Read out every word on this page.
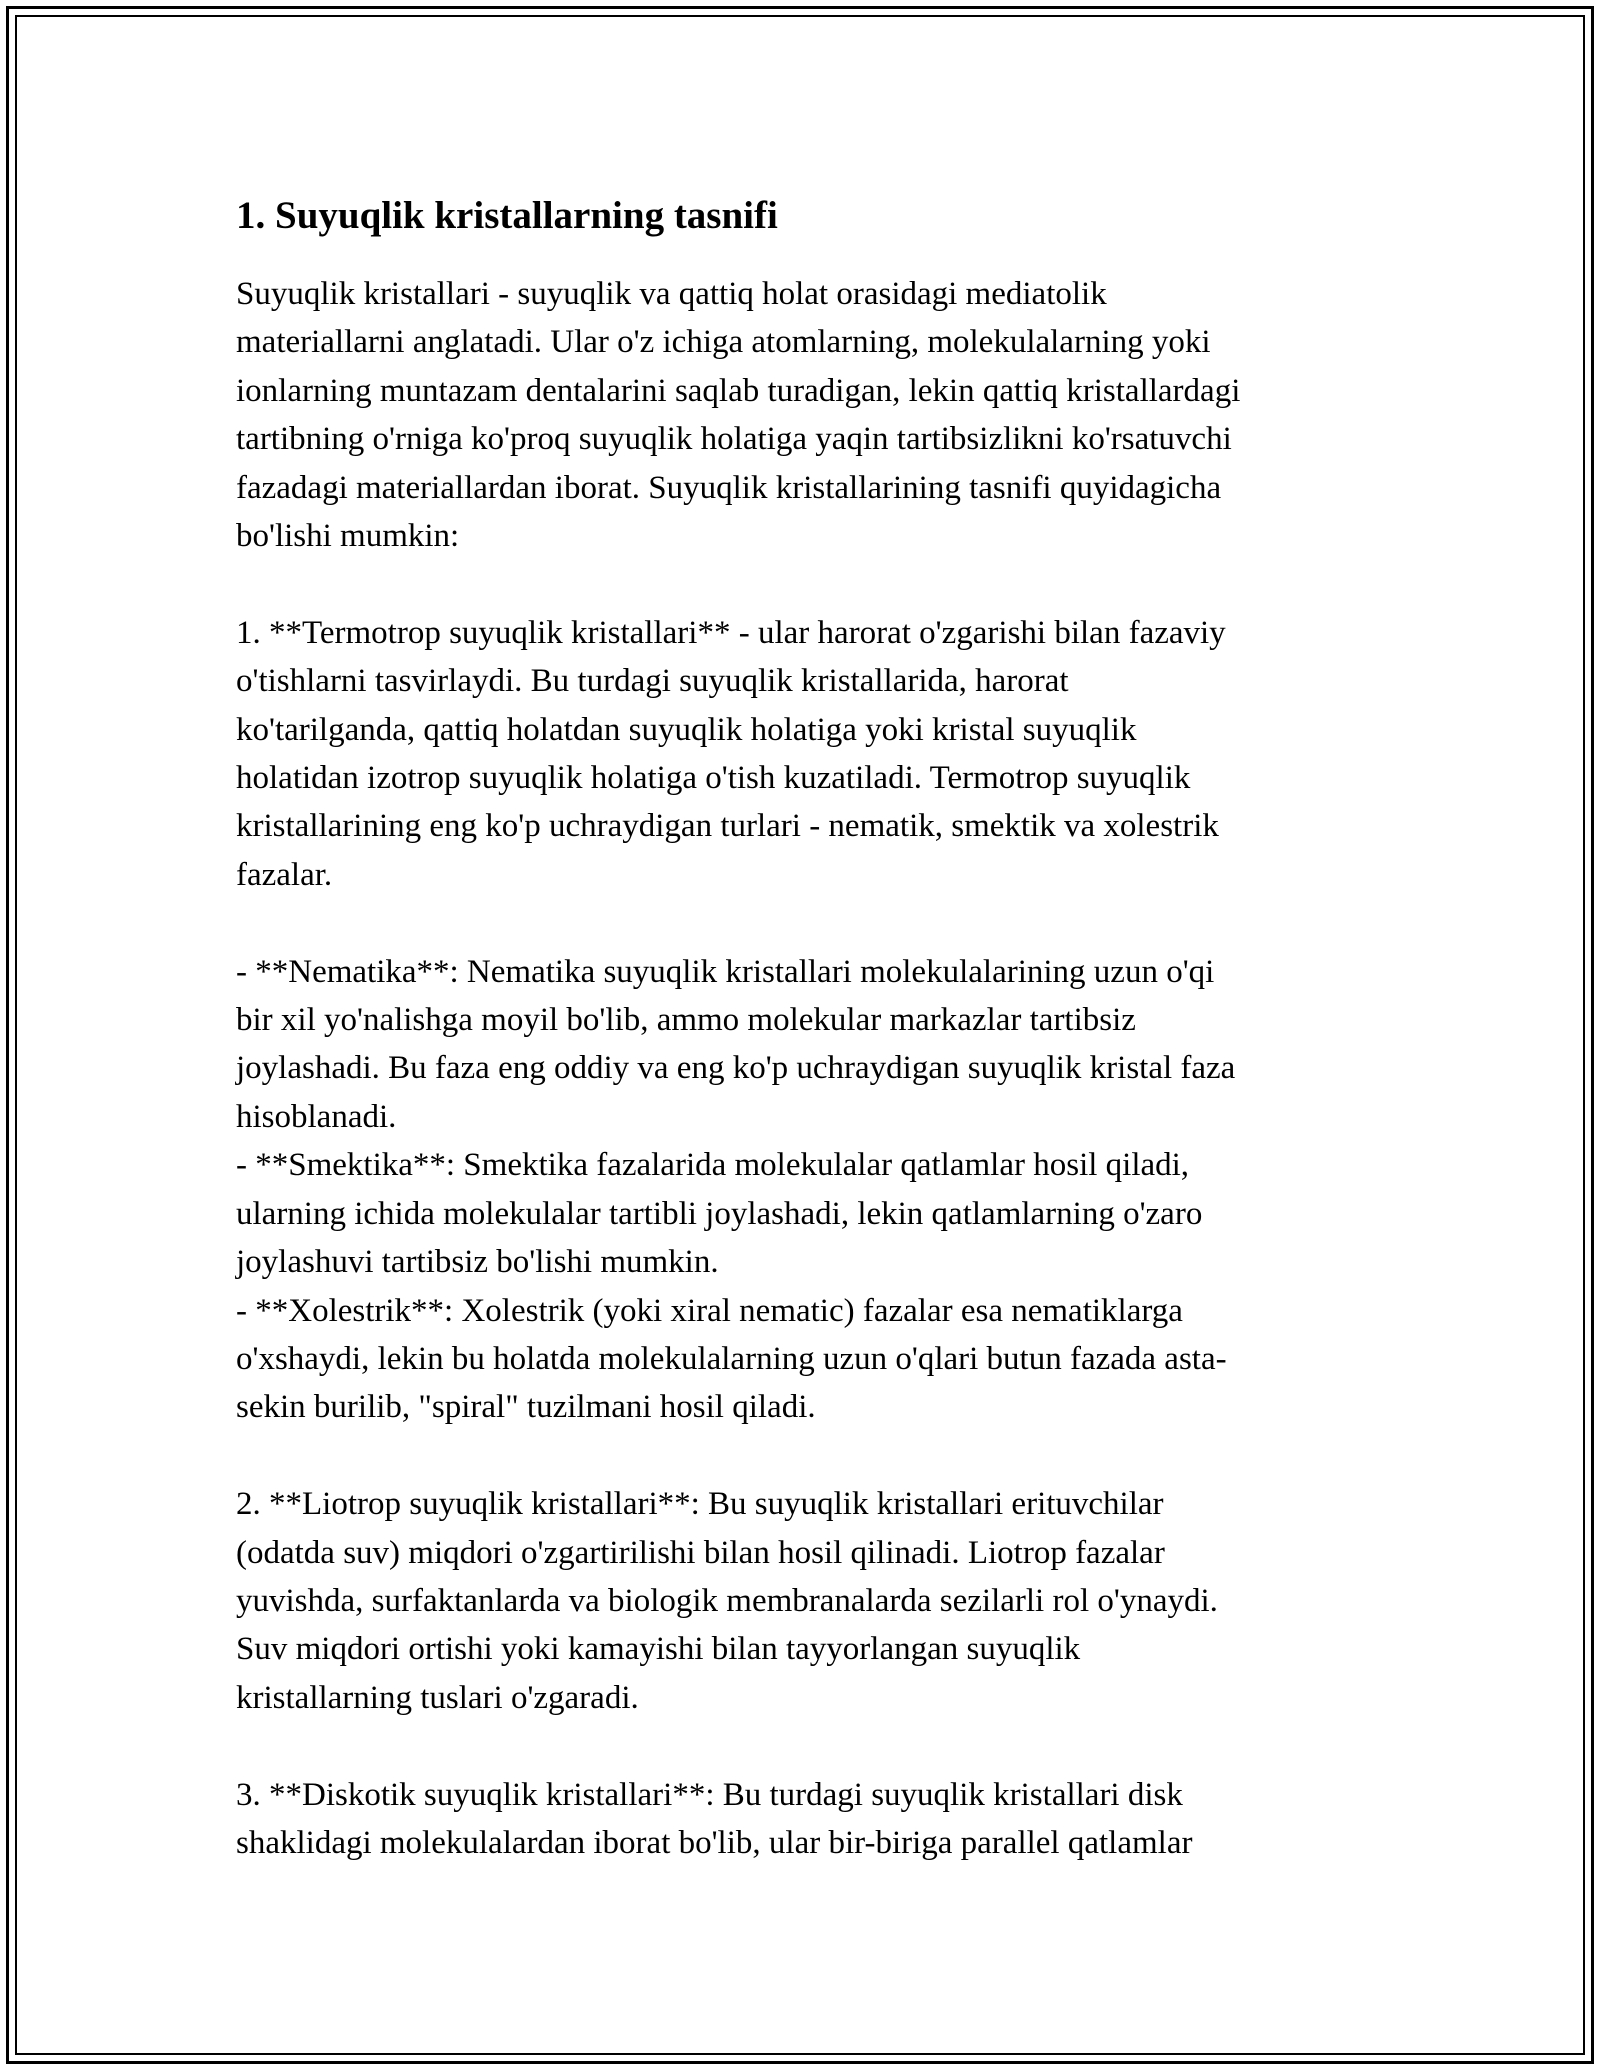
1. Suyuqlik kristallarning tasnifi

Suyuqlik kristallari - suyuqlik va qattiq holat orasidagi mediatolik
materiallarni anglatadi. Ular o'z ichiga atomlarning, molekulalarning yoki
ionlarning muntazam dentalarini saqlab turadigan, lekin qattiq kristallardagi
tartibning o'rniga ko'proq suyuqlik holatiga yaqin tartibsizlikni ko'rsatuvchi
fazadagi materiallardan iborat. Suyuqlik kristallarining tasnifi quyidagicha
bo'lishi mumkin:

1. **Termotrop suyuqlik kristallari** - ular harorat o'zgarishi bilan fazaviy
o'tishlarni tasvirlaydi. Bu turdagi suyuqlik kristallarida, harorat
ko'tarilganda, qattiq holatdan suyuqlik holatiga yoki kristal suyuqlik
holatidan izotrop suyuqlik holatiga o'tish kuzatiladi. Termotrop suyuqlik
kristallarining eng ko'p uchraydigan turlari - nematik, smektik va xolestrik
fazalar.

- **Nematika**: Nematika suyuqlik kristallari molekulalarining uzun o'qi
bir xil yo'nalishga moyil bo'lib, ammo molekular markazlar tartibsiz
joylashadi. Bu faza eng oddiy va eng ko'p uchraydigan suyuqlik kristal faza
hisoblanadi.
- **Smektika**: Smektika fazalarida molekulalar qatlamlar hosil qiladi,
ularning ichida molekulalar tartibli joylashadi, lekin qatlamlarning o'zaro
joylashuvi tartibsiz bo'lishi mumkin.
- **Xolestrik**: Xolestrik (yoki xiral nematic) fazalar esa nematiklarga
o'xshaydi, lekin bu holatda molekulalarning uzun o'qlari butun fazada asta-
sekin burilib, "spiral" tuzilmani hosil qiladi.

2. **Liotrop suyuqlik kristallari**: Bu suyuqlik kristallari erituvchilar
(odatda suv) miqdori o'zgartirilishi bilan hosil qilinadi. Liotrop fazalar
yuvishda, surfaktanlarda va biologik membranalarda sezilarli rol o'ynaydi.
Suv miqdori ortishi yoki kamayishi bilan tayyorlangan suyuqlik
kristallarning tuslari o'zgaradi.

3. **Diskotik suyuqlik kristallari**: Bu turdagi suyuqlik kristallari disk
shaklidagi molekulalardan iborat bo'lib, ular bir-biriga parallel qatlamlar
